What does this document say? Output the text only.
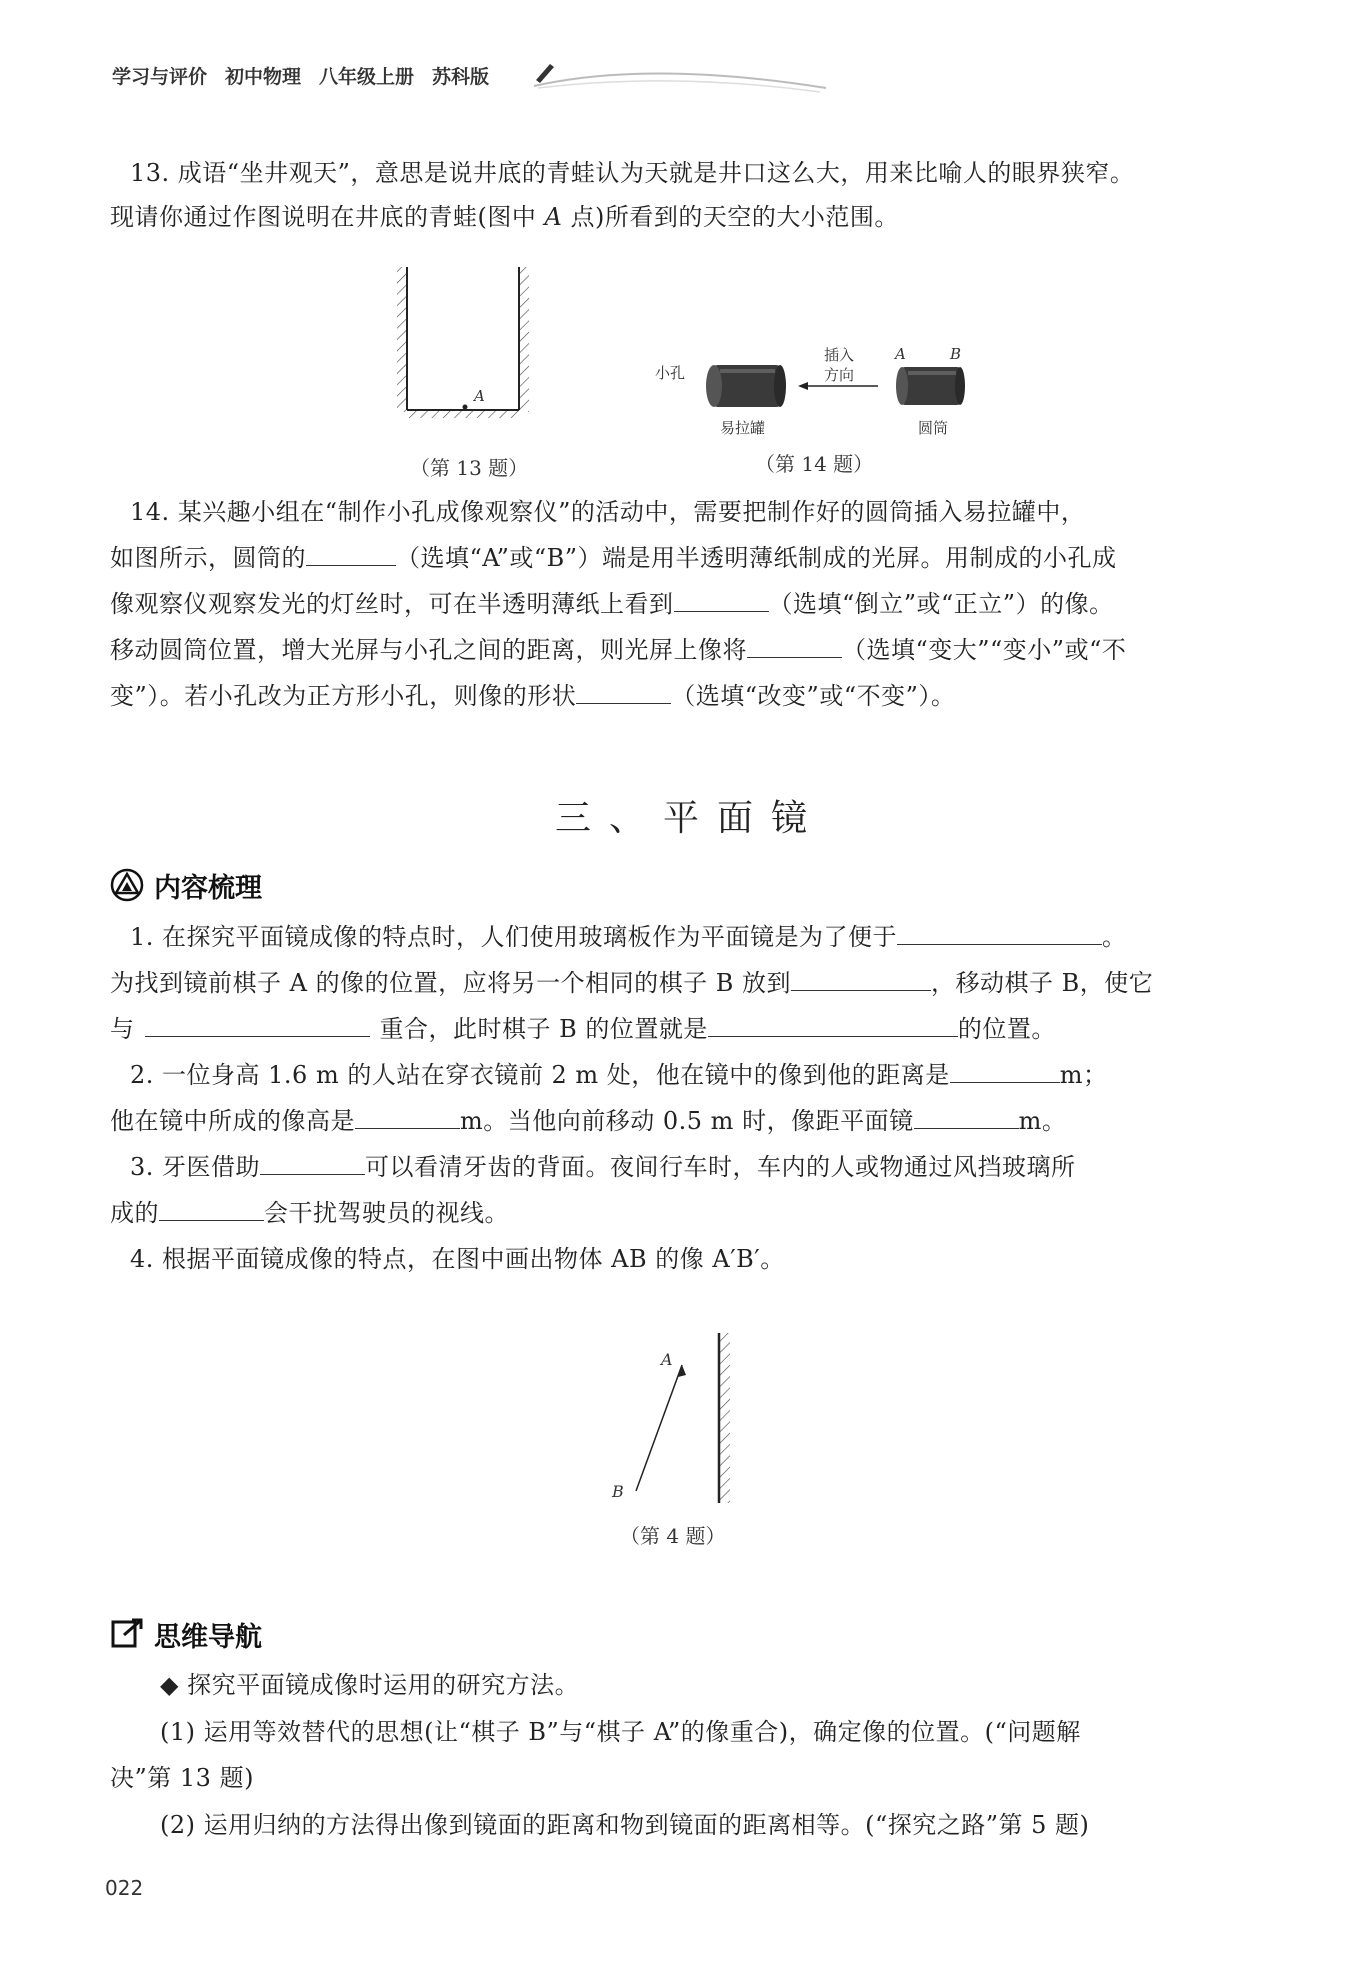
学习与评价 初中物理 八年级上册 苏科版

13. 成语“坐井观天”，意思是说井底的青蛙认为天就是井口这么大，用来比喻人的眼界狭窄。

现请你通过作图说明在井底的青蛙(图中 A 点)所看到的天空的大小范围。

A
（第 13 题）
小孔
插入
方向
A	B
易拉罐	圆筒
（第 14 题）

14. 某兴趣小组在“制作小孔成像观察仪”的活动中，需要把制作好的圆筒插入易拉罐中，

如图所示，圆筒的	（选填“A”或“B”）端是用半透明薄纸制成的光屏。用制成的小孔成

像观察仪观察发光的灯丝时，可在半透明薄纸上看到	（选填“倒立”或“正立”）的像。

移动圆筒位置，增大光屏与小孔之间的距离，则光屏上像将	（选填“变大”“变小”或“不

变”）。若小孔改为正方形小孔，则像的形状	（选填“改变”或“不变”）。

三、平面镜
内容梳理

1. 在探究平面镜成像的特点时，人们使用玻璃板作为平面镜是为了便于	。

为找到镜前棋子 A 的像的位置，应将另一个相同的棋子 B 放到	，移动棋子 B，使它

与	重合，此时棋子 B 的位置就是	的位置。

2. 一位身高 1.6 m 的人站在穿衣镜前 2 m 处，他在镜中的像到他的距离是	m；

他在镜中所成的像高是	m。当他向前移动 0.5 m 时，像距平面镜	m。

3. 牙医借助	可以看清牙齿的背面。夜间行车时，车内的人或物通过风挡玻璃所

成的	会干扰驾驶员的视线。

4. 根据平面镜成像的特点，在图中画出物体 AB 的像 A′B′。

A
B
（第 4 题）
思维导航

◆ 探究平面镜成像时运用的研究方法。

(1) 运用等效替代的思想(让“棋子 B”与“棋子 A”的像重合)，确定像的位置。(“问题解

决”第 13 题)

(2) 运用归纳的方法得出像到镜面的距离和物到镜面的距离相等。(“探究之路”第 5 题)

022
